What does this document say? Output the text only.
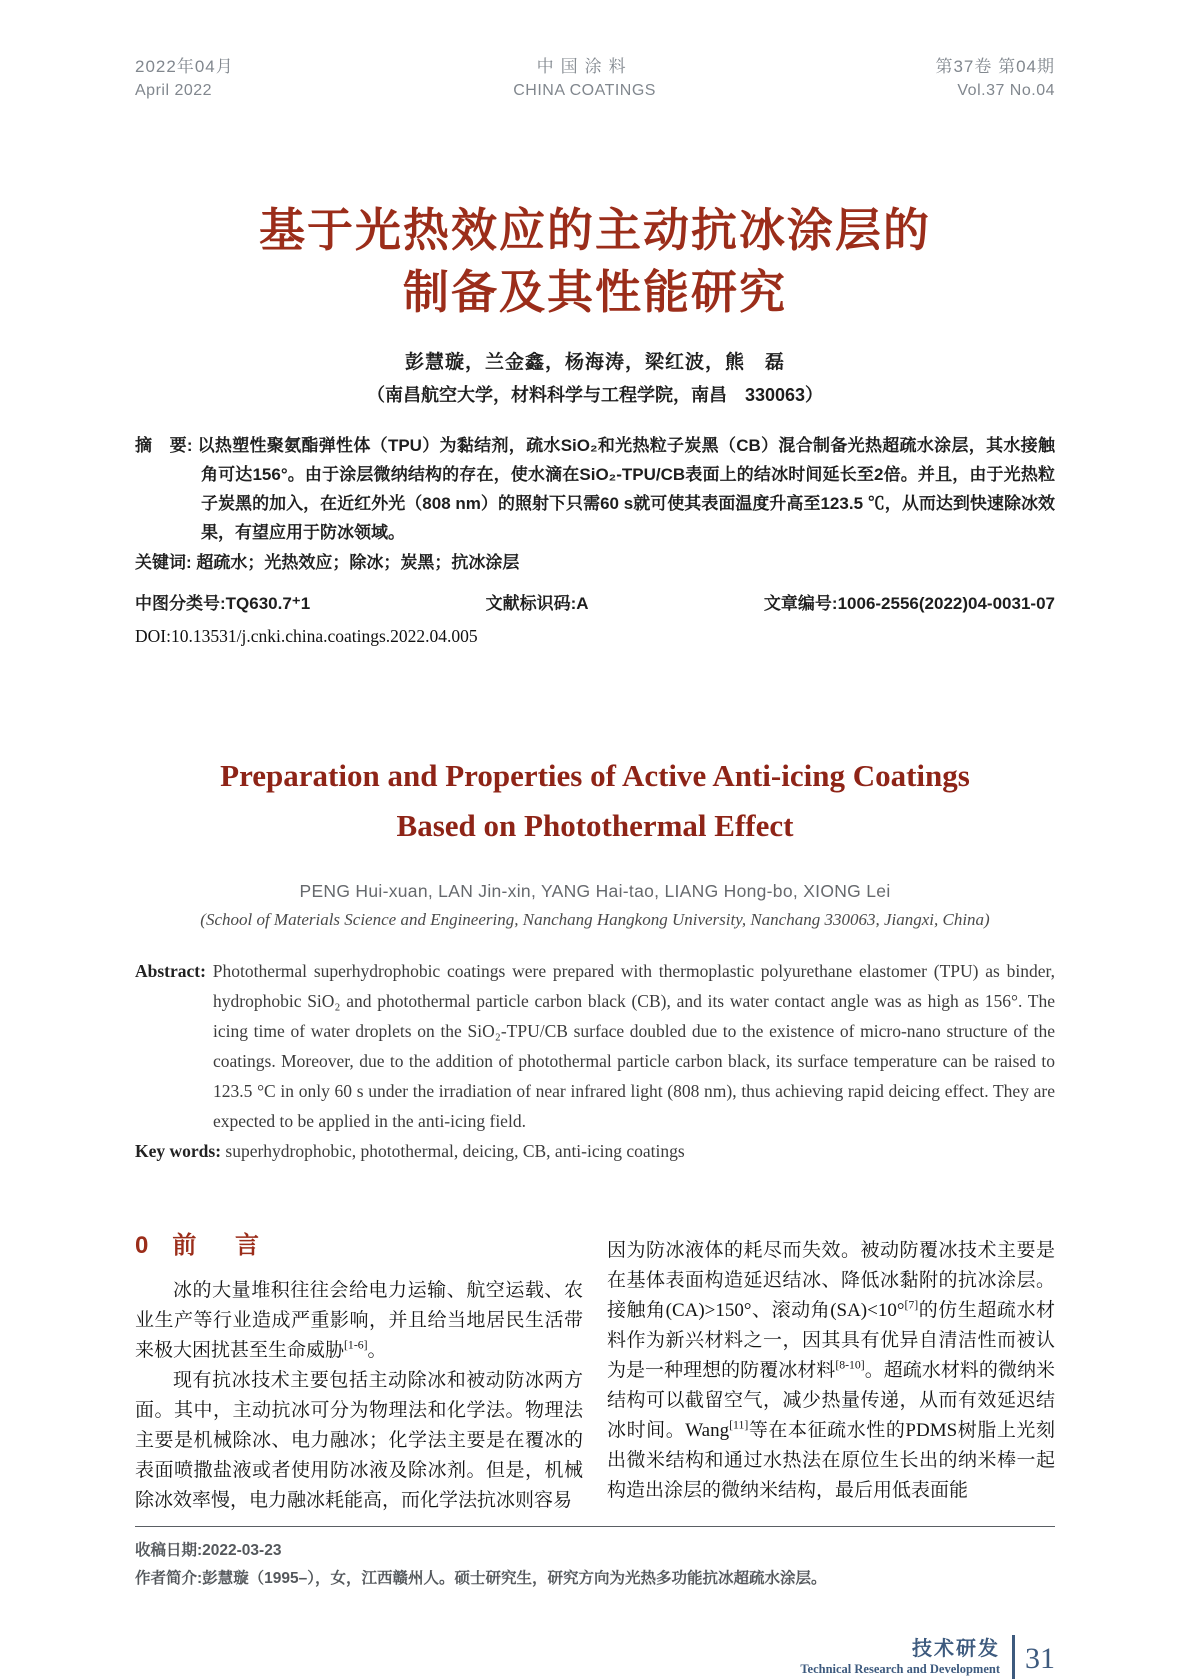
2022年04月
April 2022
中国涂料
CHINA COATINGS
第37卷 第04期
Vol.37 No.04
基于光热效应的主动抗冰涂层的
制备及其性能研究
彭慧璇，兰金鑫，杨海涛，梁红波，熊　磊
（南昌航空大学，材料科学与工程学院，南昌　330063）
摘　要: 以热塑性聚氨酯弹性体（TPU）为黏结剂，疏水SiO₂和光热粒子炭黑（CB）混合制备光热超疏水涂层，其水接触角可达156°。由于涂层微纳结构的存在，使水滴在SiO₂-TPU/CB表面上的结冰时间延长至2倍。并且，由于光热粒子炭黑的加入，在近红外光（808 nm）的照射下只需60 s就可使其表面温度升高至123.5 ℃，从而达到快速除冰效果，有望应用于防冰领域。
关键词: 超疏水；光热效应；除冰；炭黑；抗冰涂层
中图分类号:TQ630.7⁺1	文献标识码:A	文章编号:1006-2556(2022)04-0031-07
DOI:10.13531/j.cnki.china.coatings.2022.04.005
Preparation and Properties of Active Anti-icing Coatings
Based on Photothermal Effect
PENG Hui-xuan, LAN Jin-xin, YANG Hai-tao, LIANG Hong-bo, XIONG Lei
(School of Materials Science and Engineering, Nanchang Hangkong University, Nanchang 330063, Jiangxi, China)
Abstract: Photothermal superhydrophobic coatings were prepared with thermoplastic polyurethane elastomer (TPU) as binder, hydrophobic SiO₂ and photothermal particle carbon black (CB), and its water contact angle was as high as 156°. The icing time of water droplets on the SiO₂-TPU/CB surface doubled due to the existence of micro-nano structure of the coatings. Moreover, due to the addition of photothermal particle carbon black, its surface temperature can be raised to 123.5 °C in only 60 s under the irradiation of near infrared light (808 nm), thus achieving rapid deicing effect. They are expected to be applied in the anti-icing field.
Key words: superhydrophobic, photothermal, deicing, CB, anti-icing coatings
0 前 言

冰的大量堆积往往会给电力运输、航空运载、农业生产等行业造成严重影响，并且给当地居民生活带来极大困扰甚至生命威胁[1-6]。

现有抗冰技术主要包括主动除冰和被动防冰两方面。其中，主动抗冰可分为物理法和化学法。物理法主要是机械除冰、电力融冰；化学法主要是在覆冰的表面喷撒盐液或者使用防冰液及除冰剂。但是，机械除冰效率慢，电力融冰耗能高，而化学法抗冰则容易

因为防冰液体的耗尽而失效。被动防覆冰技术主要是在基体表面构造延迟结冰、降低冰黏附的抗冰涂层。接触角(CA)>150°、滚动角(SA)<10°[7]的仿生超疏水材料作为新兴材料之一，因其具有优异自清洁性而被认为是一种理想的防覆冰材料[8-10]。超疏水材料的微纳米结构可以截留空气，减少热量传递，从而有效延迟结冰时间。Wang[11]等在本征疏水性的PDMS树脂上光刻出微米结构和通过水热法在原位生长出的纳米棒一起构造出涂层的微纳米结构，最后用低表面能

收稿日期:2022-03-23
作者简介:彭慧璇（1995–），女，江西赣州人。硕士研究生，研究方向为光热多功能抗冰超疏水涂层。
技术研发
Technical Research and Development 31
